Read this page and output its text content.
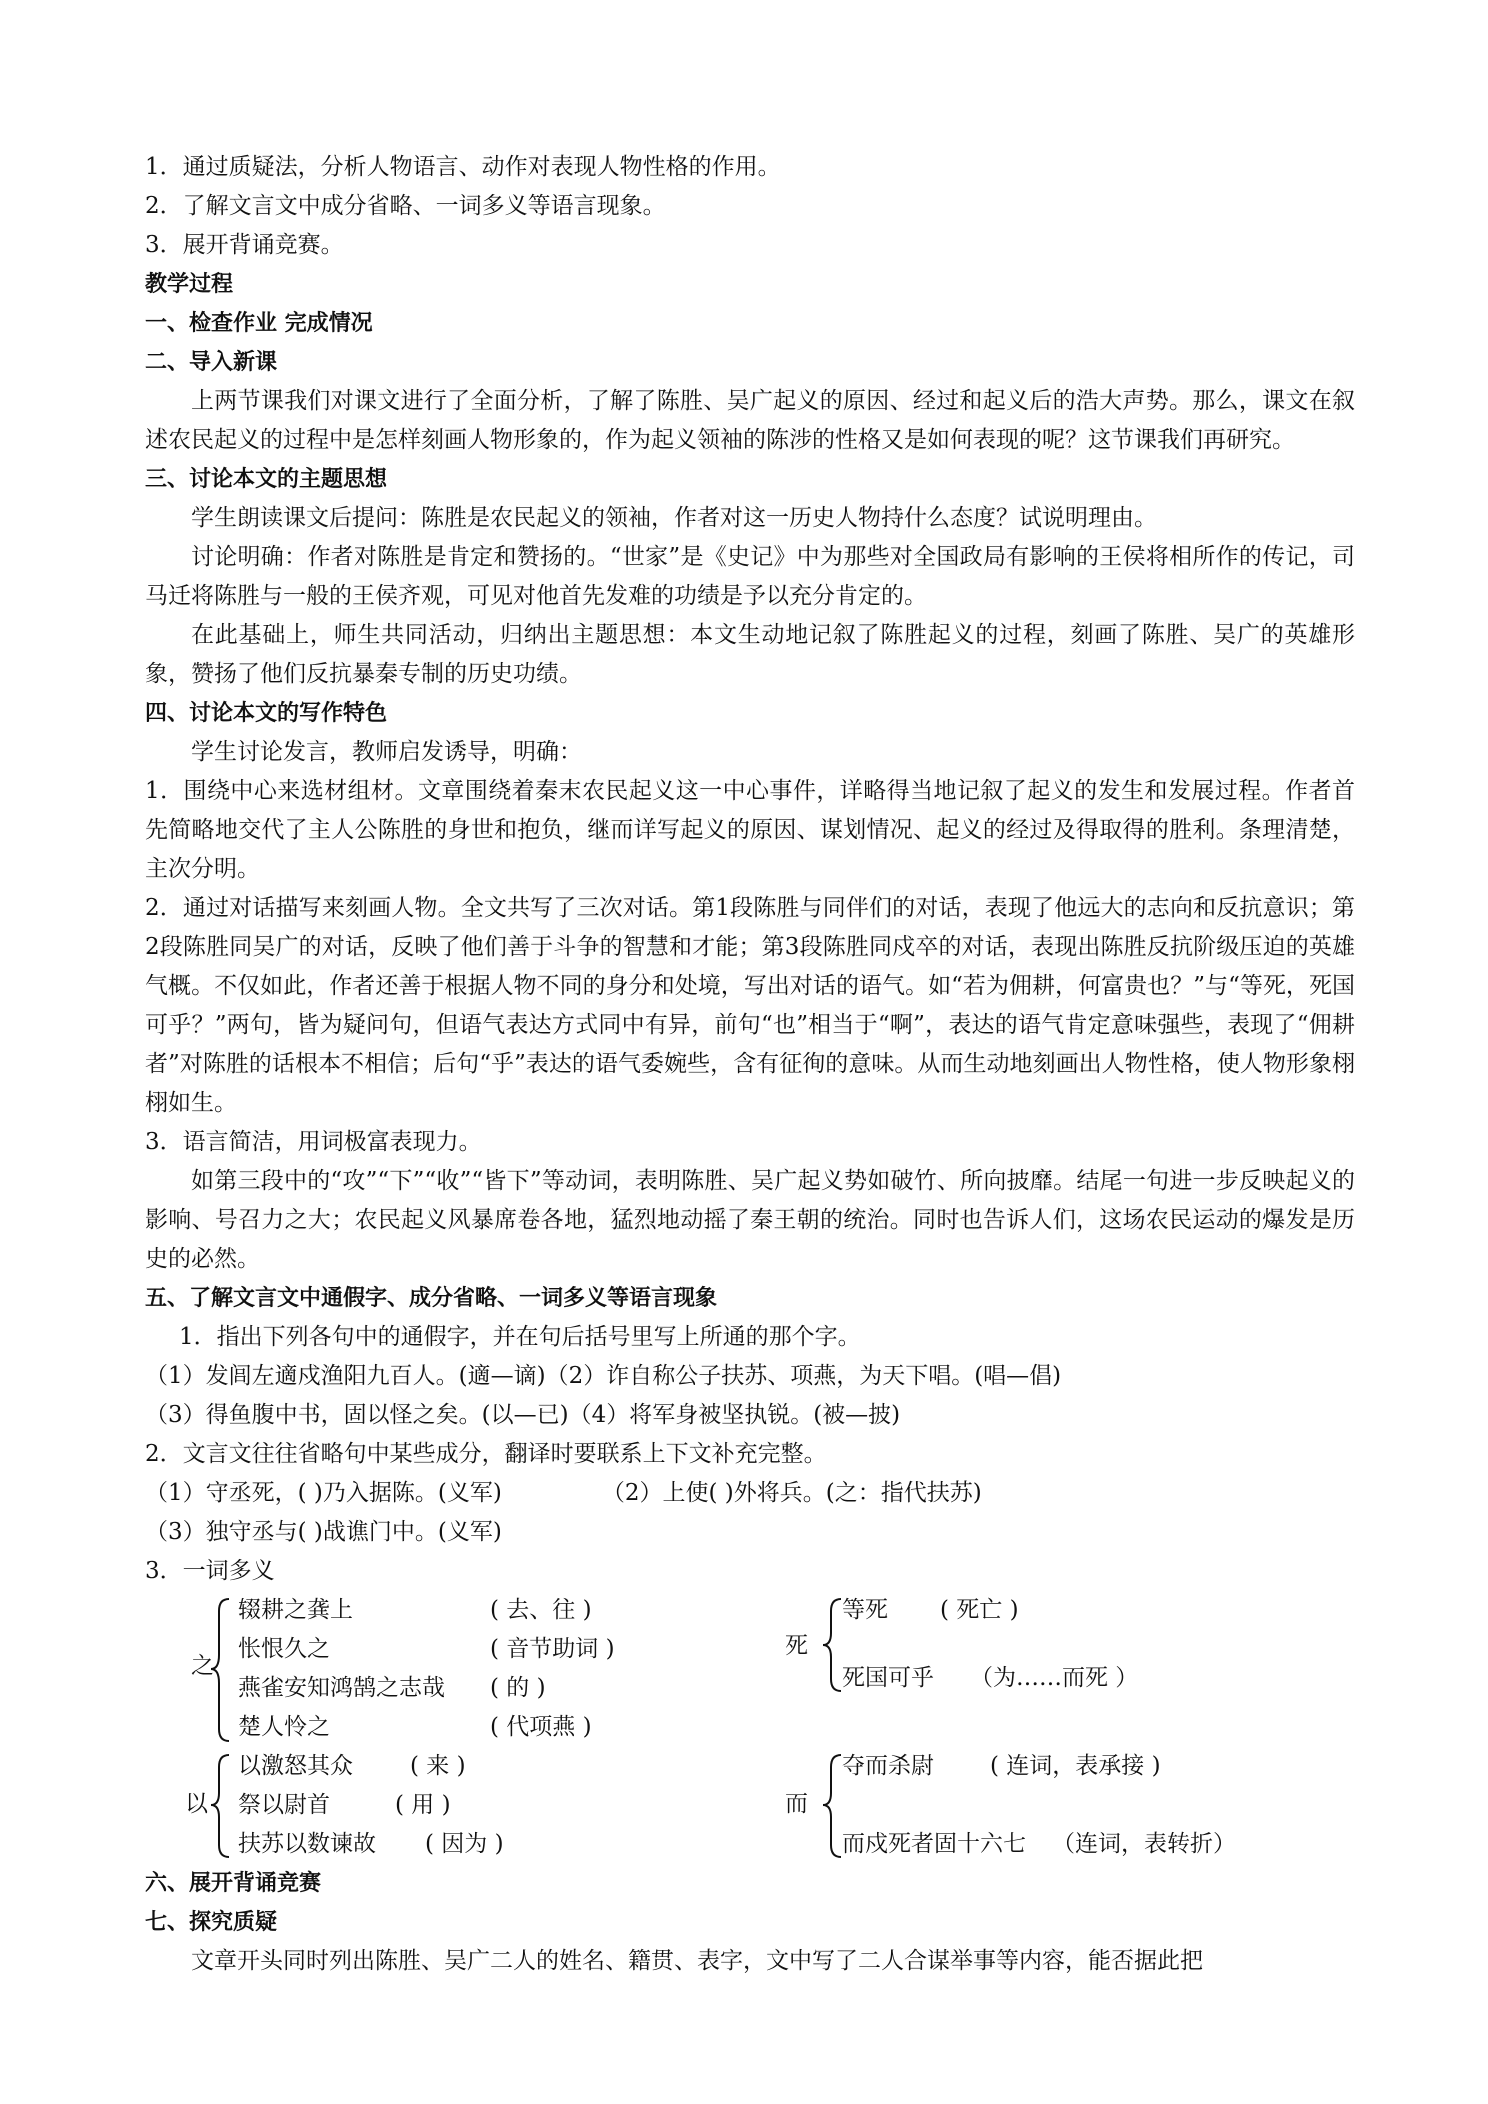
1．通过质疑法，分析人物语言、动作对表现人物性格的作用。

2．了解文言文中成分省略、一词多义等语言现象。

3．展开背诵竞赛。

教学过程

一、检查作业 完成情况

二、导入新课

上两节课我们对课文进行了全面分析，了解了陈胜、吴广起义的原因、经过和起义后的浩大声势。那么，课文在叙述农民起义的过程中是怎样刻画人物形象的，作为起义领袖的陈涉的性格又是如何表现的呢？这节课我们再研究。

三、讨论本文的主题思想

学生朗读课文后提问：陈胜是农民起义的领袖，作者对这一历史人物持什么态度？试说明理由。

讨论明确：作者对陈胜是肯定和赞扬的。“世家”是《史记》中为那些对全国政局有影响的王侯将相所作的传记，司马迁将陈胜与一般的王侯齐观，可见对他首先发难的功绩是予以充分肯定的。

在此基础上，师生共同活动，归纳出主题思想：本文生动地记叙了陈胜起义的过程，刻画了陈胜、吴广的英雄形象，赞扬了他们反抗暴秦专制的历史功绩。

四、讨论本文的写作特色

学生讨论发言，教师启发诱导，明确：

1．围绕中心来选材组材。文章围绕着秦末农民起义这一中心事件，详略得当地记叙了起义的发生和发展过程。作者首先简略地交代了主人公陈胜的身世和抱负，继而详写起义的原因、谋划情况、起义的经过及得取得的胜利。条理清楚，主次分明。

2．通过对话描写来刻画人物。全文共写了三次对话。第1段陈胜与同伴们的对话，表现了他远大的志向和反抗意识；第2段陈胜同吴广的对话，反映了他们善于斗争的智慧和才能；第3段陈胜同戍卒的对话，表现出陈胜反抗阶级压迫的英雄气概。不仅如此，作者还善于根据人物不同的身分和处境，写出对话的语气。如“若为佣耕，何富贵也？”与“等死，死国可乎？”两句，皆为疑问句，但语气表达方式同中有异，前句“也”相当于“啊”，表达的语气肯定意味强些，表现了“佣耕者”对陈胜的话根本不相信；后句“乎”表达的语气委婉些，含有征徇的意味。从而生动地刻画出人物性格，使人物形象栩栩如生。

3．语言简洁，用词极富表现力。

如第三段中的“攻”“下”“收”“皆下”等动词，表明陈胜、吴广起义势如破竹、所向披靡。结尾一句进一步反映起义的影响、号召力之大；农民起义风暴席卷各地，猛烈地动摇了秦王朝的统治。同时也告诉人们，这场农民运动的爆发是历史的必然。

五、了解文言文中通假字、成分省略、一词多义等语言现象

1．指出下列各句中的通假字，并在句后括号里写上所通的那个字。

（1）发闾左適戍渔阳九百人。(適—谪)（2）诈自称公子扶苏、项燕，为天下唱。(唱—倡)

（3）得鱼腹中书，固以怪之矣。(以—已)（4）将军身被坚执锐。(被—披)

2．文言文往往省略句中某些成分，翻译时要联系上下文补充完整。

（1）守丞死，( )乃入据陈。(义军)	（2）上使( )外将兵。(之：指代扶苏)

（3）独守丞与( )战谯门中。(义军)

3．一词多义

之

辍耕之龚上	( 去、往 )

怅恨久之	( 音节助词 )

燕雀安知鸿鹄之志哉 ( 的 )

楚人怜之	( 代项燕 )

死

等死 ( 死亡 )

死国可乎 （为……而死 ）

以

以激怒其众 ( 来 )

祭以尉首	( 用 )

扶苏以数谏故 ( 因为 )

而

夺而杀尉 ( 连词，表承接 )

而戍死者固十六七 （连词，表转折）

六、展开背诵竞赛

七、探究质疑

文章开头同时列出陈胜、吴广二人的姓名、籍贯、表字，文中写了二人合谋举事等内容，能否据此把
